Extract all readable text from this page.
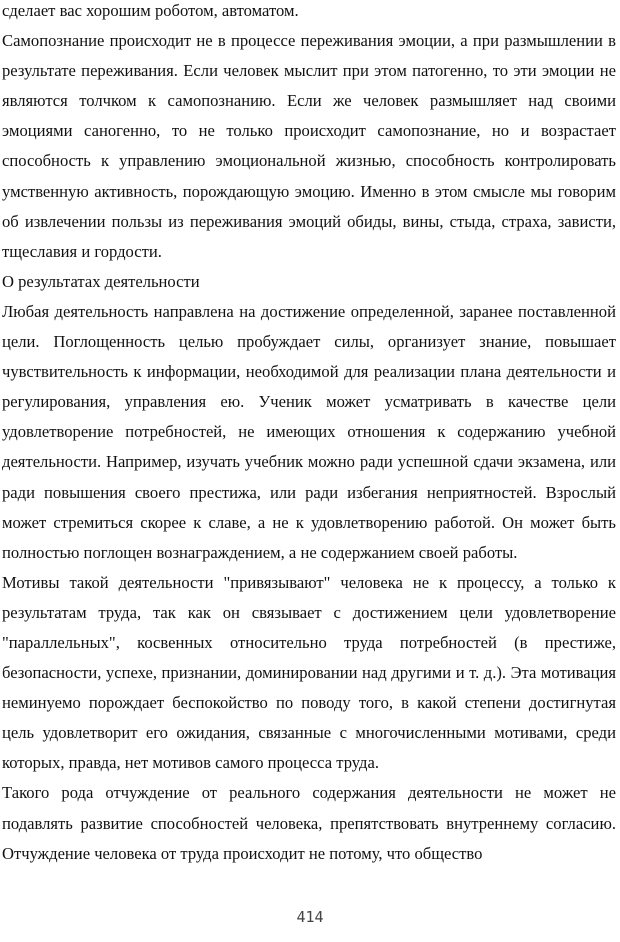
сделает вас хорошим роботом, автоматом.

Самопознание происходит не в процессе переживания эмоции, а при размышлении в результате переживания. Если человек мыслит при этом патогенно, то эти эмоции не являются толчком к самопознанию. Если же человек размышляет над своими эмоциями саногенно, то не только происходит самопознание, но и возрастает способность к управлению эмоциональной жизнью, способность контролировать умственную активность, порождающую эмоцию. Именно в этом смысле мы говорим об извлечении пользы из переживания эмоций обиды, вины, стыда, страха, зависти, тщеславия и гордости.

О результатах деятельности

Любая деятельность направлена на достижение определенной, заранее поставленной цели. Поглощенность целью пробуждает силы, организует знание, повышает чувствительность к информации, необходимой для реализации плана деятельности и регулирования, управления ею. Ученик может усматривать в качестве цели удовлетворение потребностей, не имеющих отношения к содержанию учебной деятельности. Например, изучать учебник можно ради успешной сдачи экзамена, или ради повышения своего престижа, или ради избегания неприятностей. Взрослый может стремиться скорее к славе, а не к удовлетворению работой. Он может быть полностью поглощен вознаграждением, а не содержанием своей работы.

Мотивы такой деятельности "привязывают" человека не к процессу, а только к результатам труда, так как он связывает с достижением цели удовлетворение "параллельных", косвенных относительно труда потребностей (в престиже, безопасности, успехе, признании, доминировании над другими и т. д.). Эта мотивация неминуемо порождает беспокойство по поводу того, в какой степени достигнутая цель удовлетворит его ожидания, связанные с многочисленными мотивами, среди которых, правда, нет мотивов самого процесса труда.

Такого рода отчуждение от реального содержания деятельности не может не подавлять развитие способностей человека, препятствовать внутреннему согласию. Отчуждение человека от труда происходит не потому, что общество

414
